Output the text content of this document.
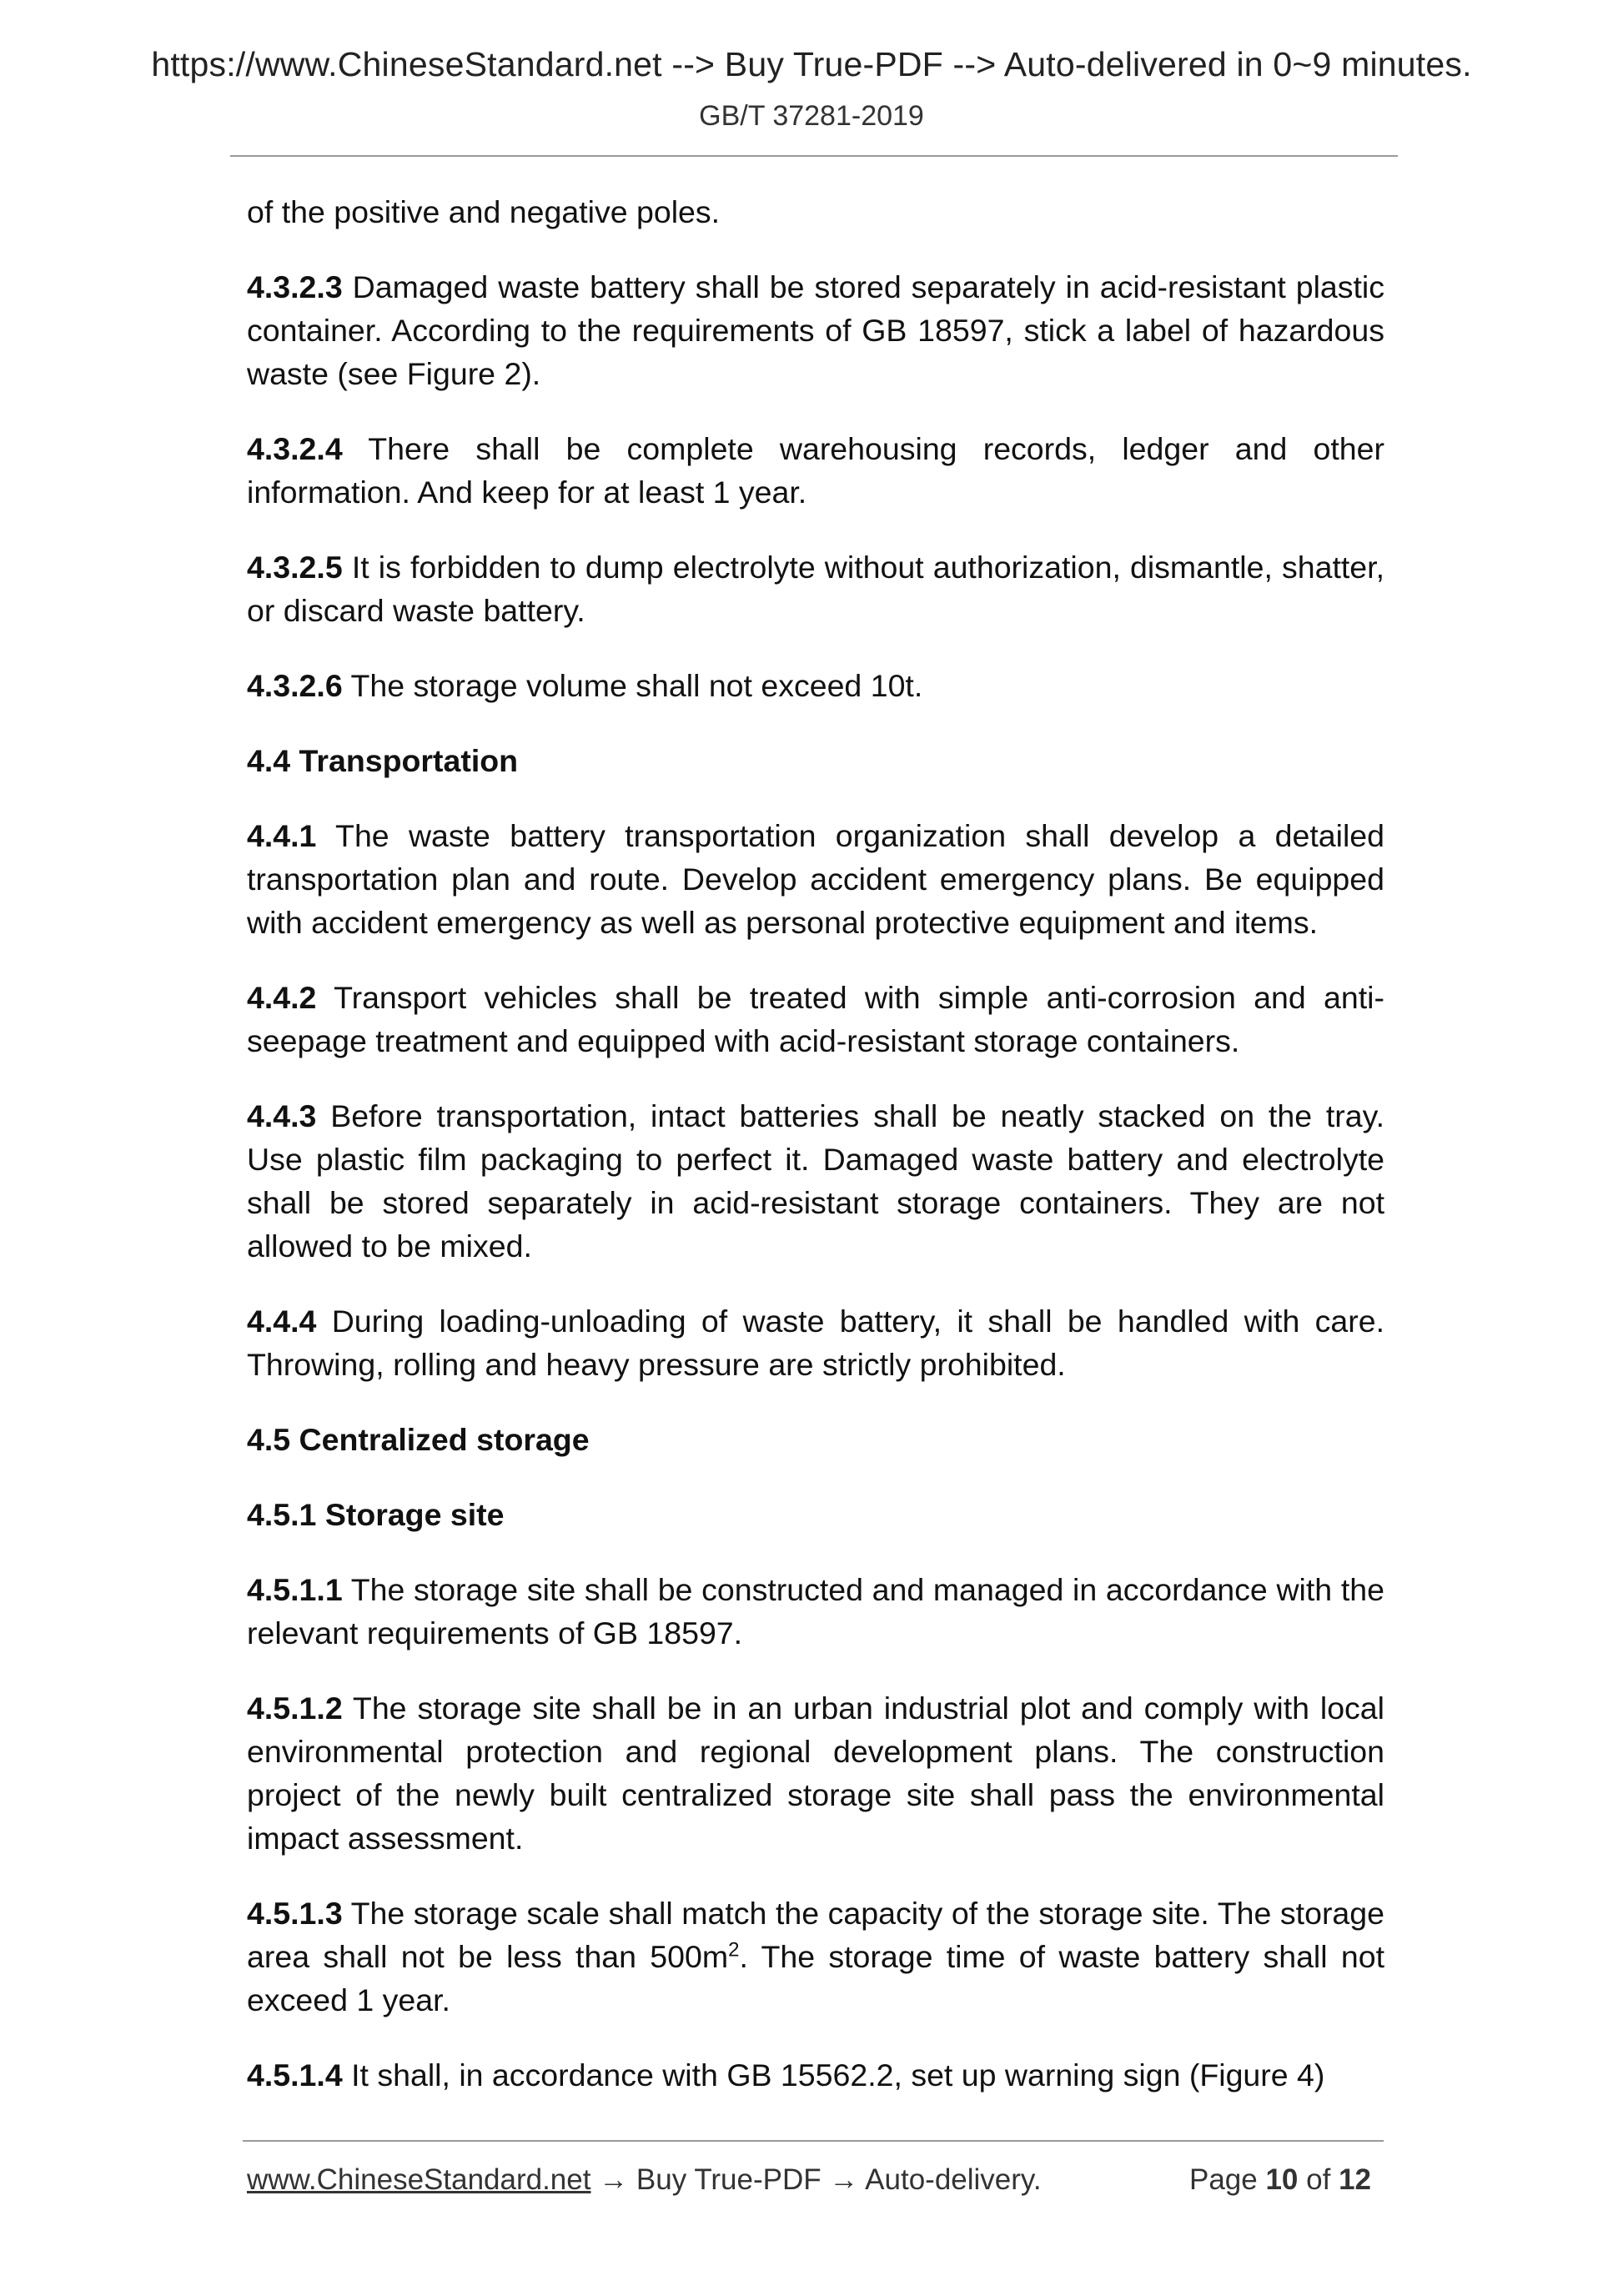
https://www.ChineseStandard.net --> Buy True-PDF --> Auto-delivered in 0~9 minutes.
GB/T 37281-2019

of the positive and negative poles.

4.3.2.3 Damaged waste battery shall be stored separately in acid-resistant plastic container. According to the requirements of GB 18597, stick a label of hazardous waste (see Figure 2).

4.3.2.4 There shall be complete warehousing records, ledger and other information. And keep for at least 1 year.

4.3.2.5 It is forbidden to dump electrolyte without authorization, dismantle, shatter, or discard waste battery.

4.3.2.6 The storage volume shall not exceed 10t.

4.4 Transportation

4.4.1 The waste battery transportation organization shall develop a detailed transportation plan and route. Develop accident emergency plans. Be equipped with accident emergency as well as personal protective equipment and items.

4.4.2 Transport vehicles shall be treated with simple anti-corrosion and anti-seepage treatment and equipped with acid-resistant storage containers.

4.4.3 Before transportation, intact batteries shall be neatly stacked on the tray. Use plastic film packaging to perfect it. Damaged waste battery and electrolyte shall be stored separately in acid-resistant storage containers. They are not allowed to be mixed.

4.4.4 During loading-unloading of waste battery, it shall be handled with care. Throwing, rolling and heavy pressure are strictly prohibited.

4.5 Centralized storage

4.5.1 Storage site

4.5.1.1 The storage site shall be constructed and managed in accordance with the relevant requirements of GB 18597.

4.5.1.2 The storage site shall be in an urban industrial plot and comply with local environmental protection and regional development plans. The construction project of the newly built centralized storage site shall pass the environmental impact assessment.

4.5.1.3 The storage scale shall match the capacity of the storage site. The storage area shall not be less than $500m^2$. The storage time of waste battery shall not exceed 1 year.

4.5.1.4 It shall, in accordance with GB 15562.2, set up warning sign (Figure 4)

www.ChineseStandard.net → Buy True-PDF → Auto-delivery.	Page 10 of 12
